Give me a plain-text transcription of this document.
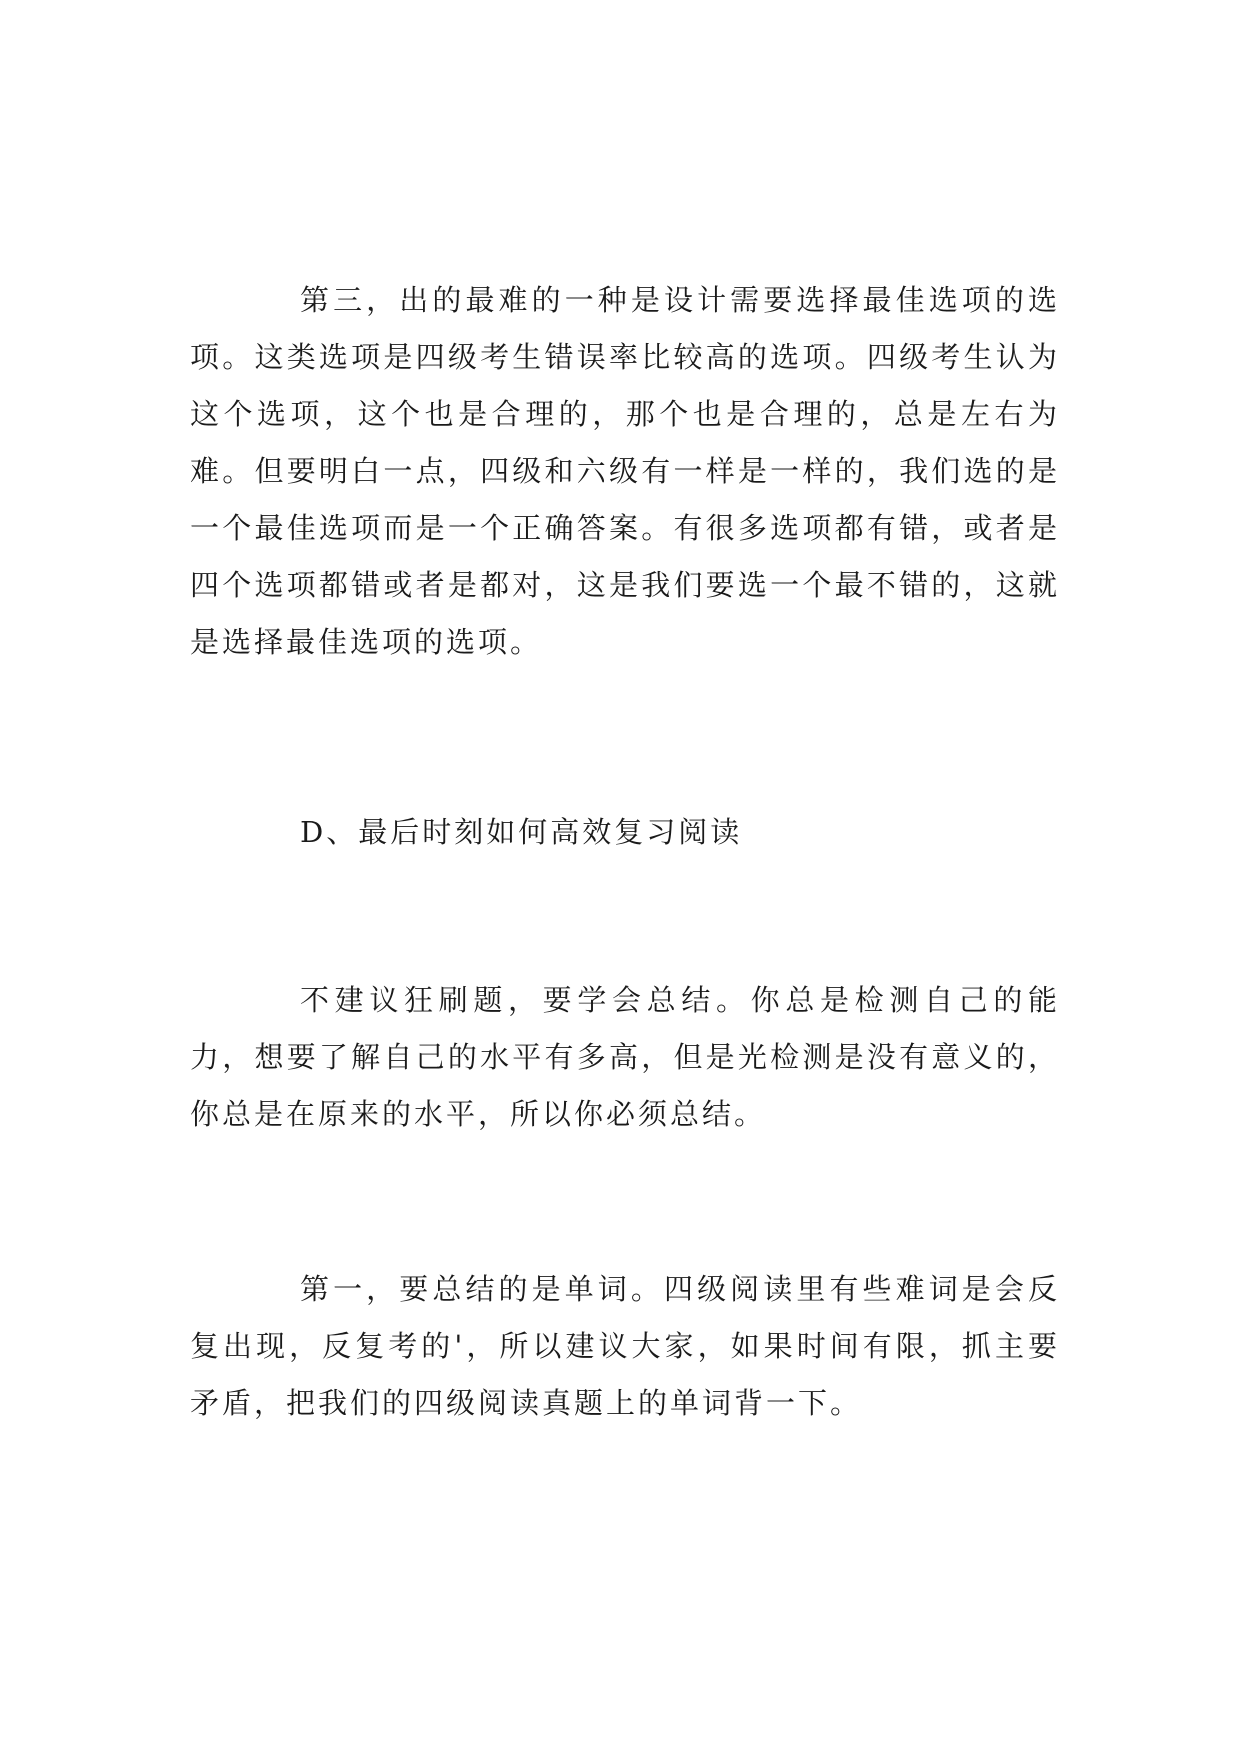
第三，出的最难的一种是设计需要选择最佳选项的选项。这类选项是四级考生错误率比较高的选项。四级考生认为这个选项，这个也是合理的，那个也是合理的，总是左右为难。但要明白一点，四级和六级有一样是一样的，我们选的是一个最佳选项而是一个正确答案。有很多选项都有错，或者是四个选项都错或者是都对，这是我们要选一个最不错的，这就是选择最佳选项的选项。

D、最后时刻如何高效复习阅读

不建议狂刷题，要学会总结。你总是检测自己的能力，想要了解自己的水平有多高，但是光检测是没有意义的，你总是在原来的水平，所以你必须总结。

第一，要总结的是单词。四级阅读里有些难词是会反复出现，反复考的'，所以建议大家，如果时间有限，抓主要矛盾，把我们的四级阅读真题上的单词背一下。
